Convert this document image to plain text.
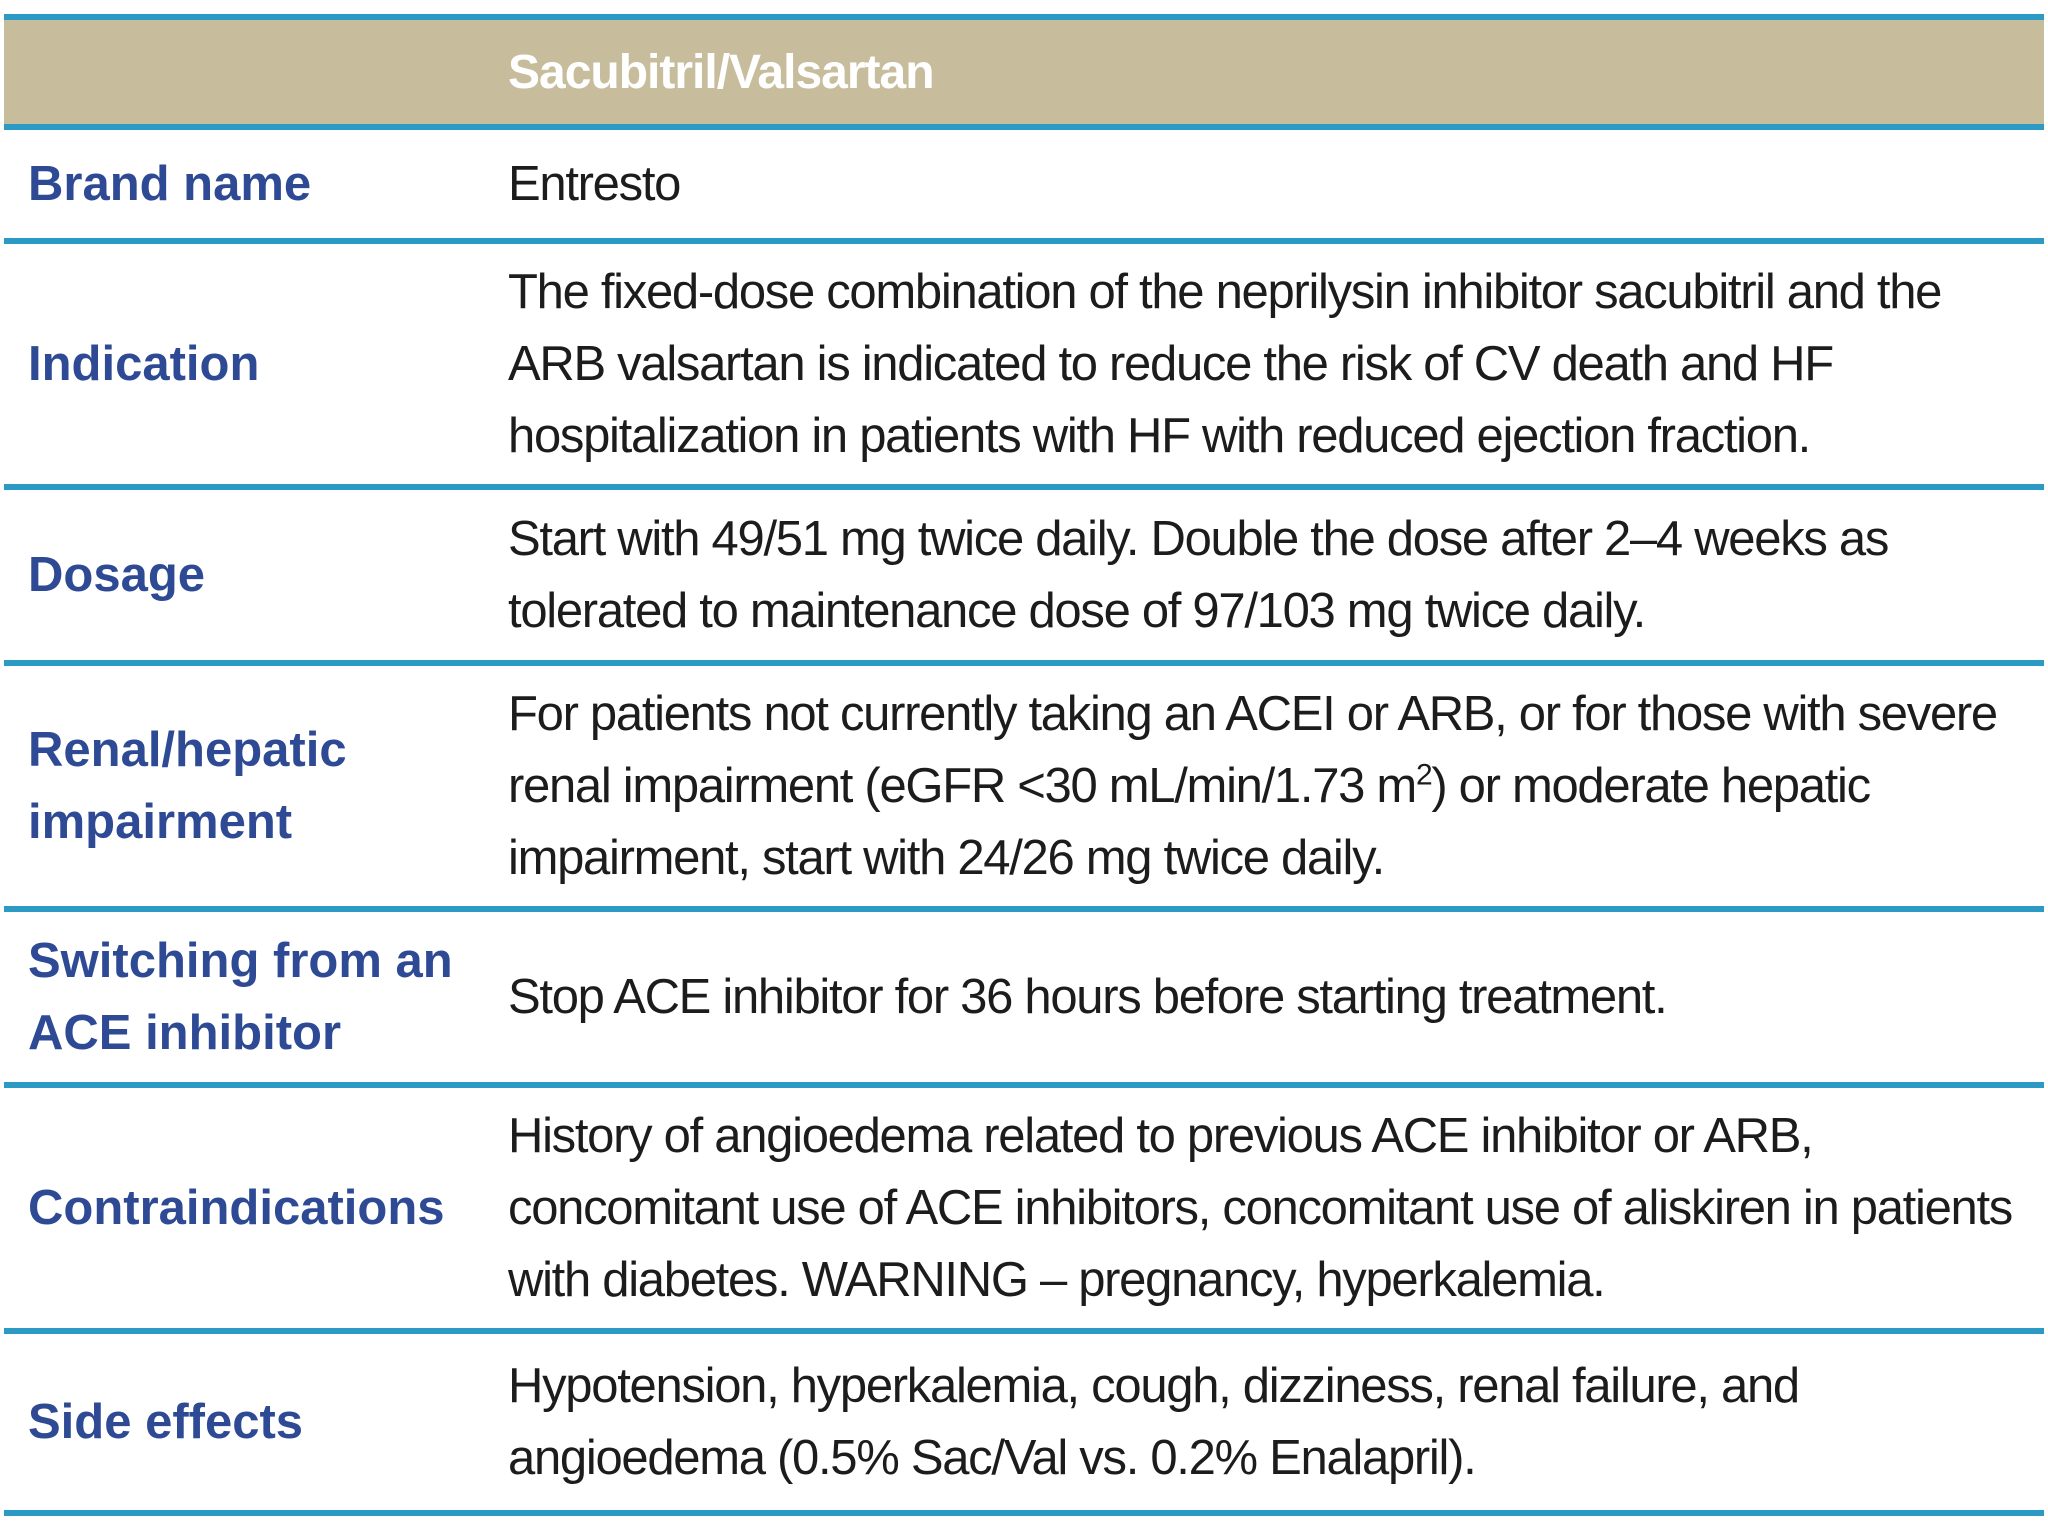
	Sacubitril/Valsartan
Brand name	Entresto
Indication	The fixed-dose combination of the neprilysin inhibitor sacubitril and the ARB valsartan is indicated to reduce the risk of CV death and HF hospitalization in patients with HF with reduced ejection fraction.
Dosage	Start with 49/51 mg twice daily. Double the dose after 2–4 weeks as tolerated to maintenance dose of 97/103 mg twice daily.
Renal/hepatic impairment	For patients not currently taking an ACEI or ARB, or for those with severe renal impairment (eGFR <30 mL/min/1.73 $m^2$) or moderate hepatic impairment, start with 24/26 mg twice daily.
Switching from an ACE inhibitor	Stop ACE inhibitor for 36 hours before starting treatment.
Contraindications	History of angioedema related to previous ACE inhibitor or ARB, concomitant use of ACE inhibitors, concomitant use of aliskiren in patients with diabetes. WARNING – pregnancy, hyperkalemia.
Side effects	Hypotension, hyperkalemia, cough, dizziness, renal failure, and angioedema (0.5% Sac/Val vs. 0.2% Enalapril).
